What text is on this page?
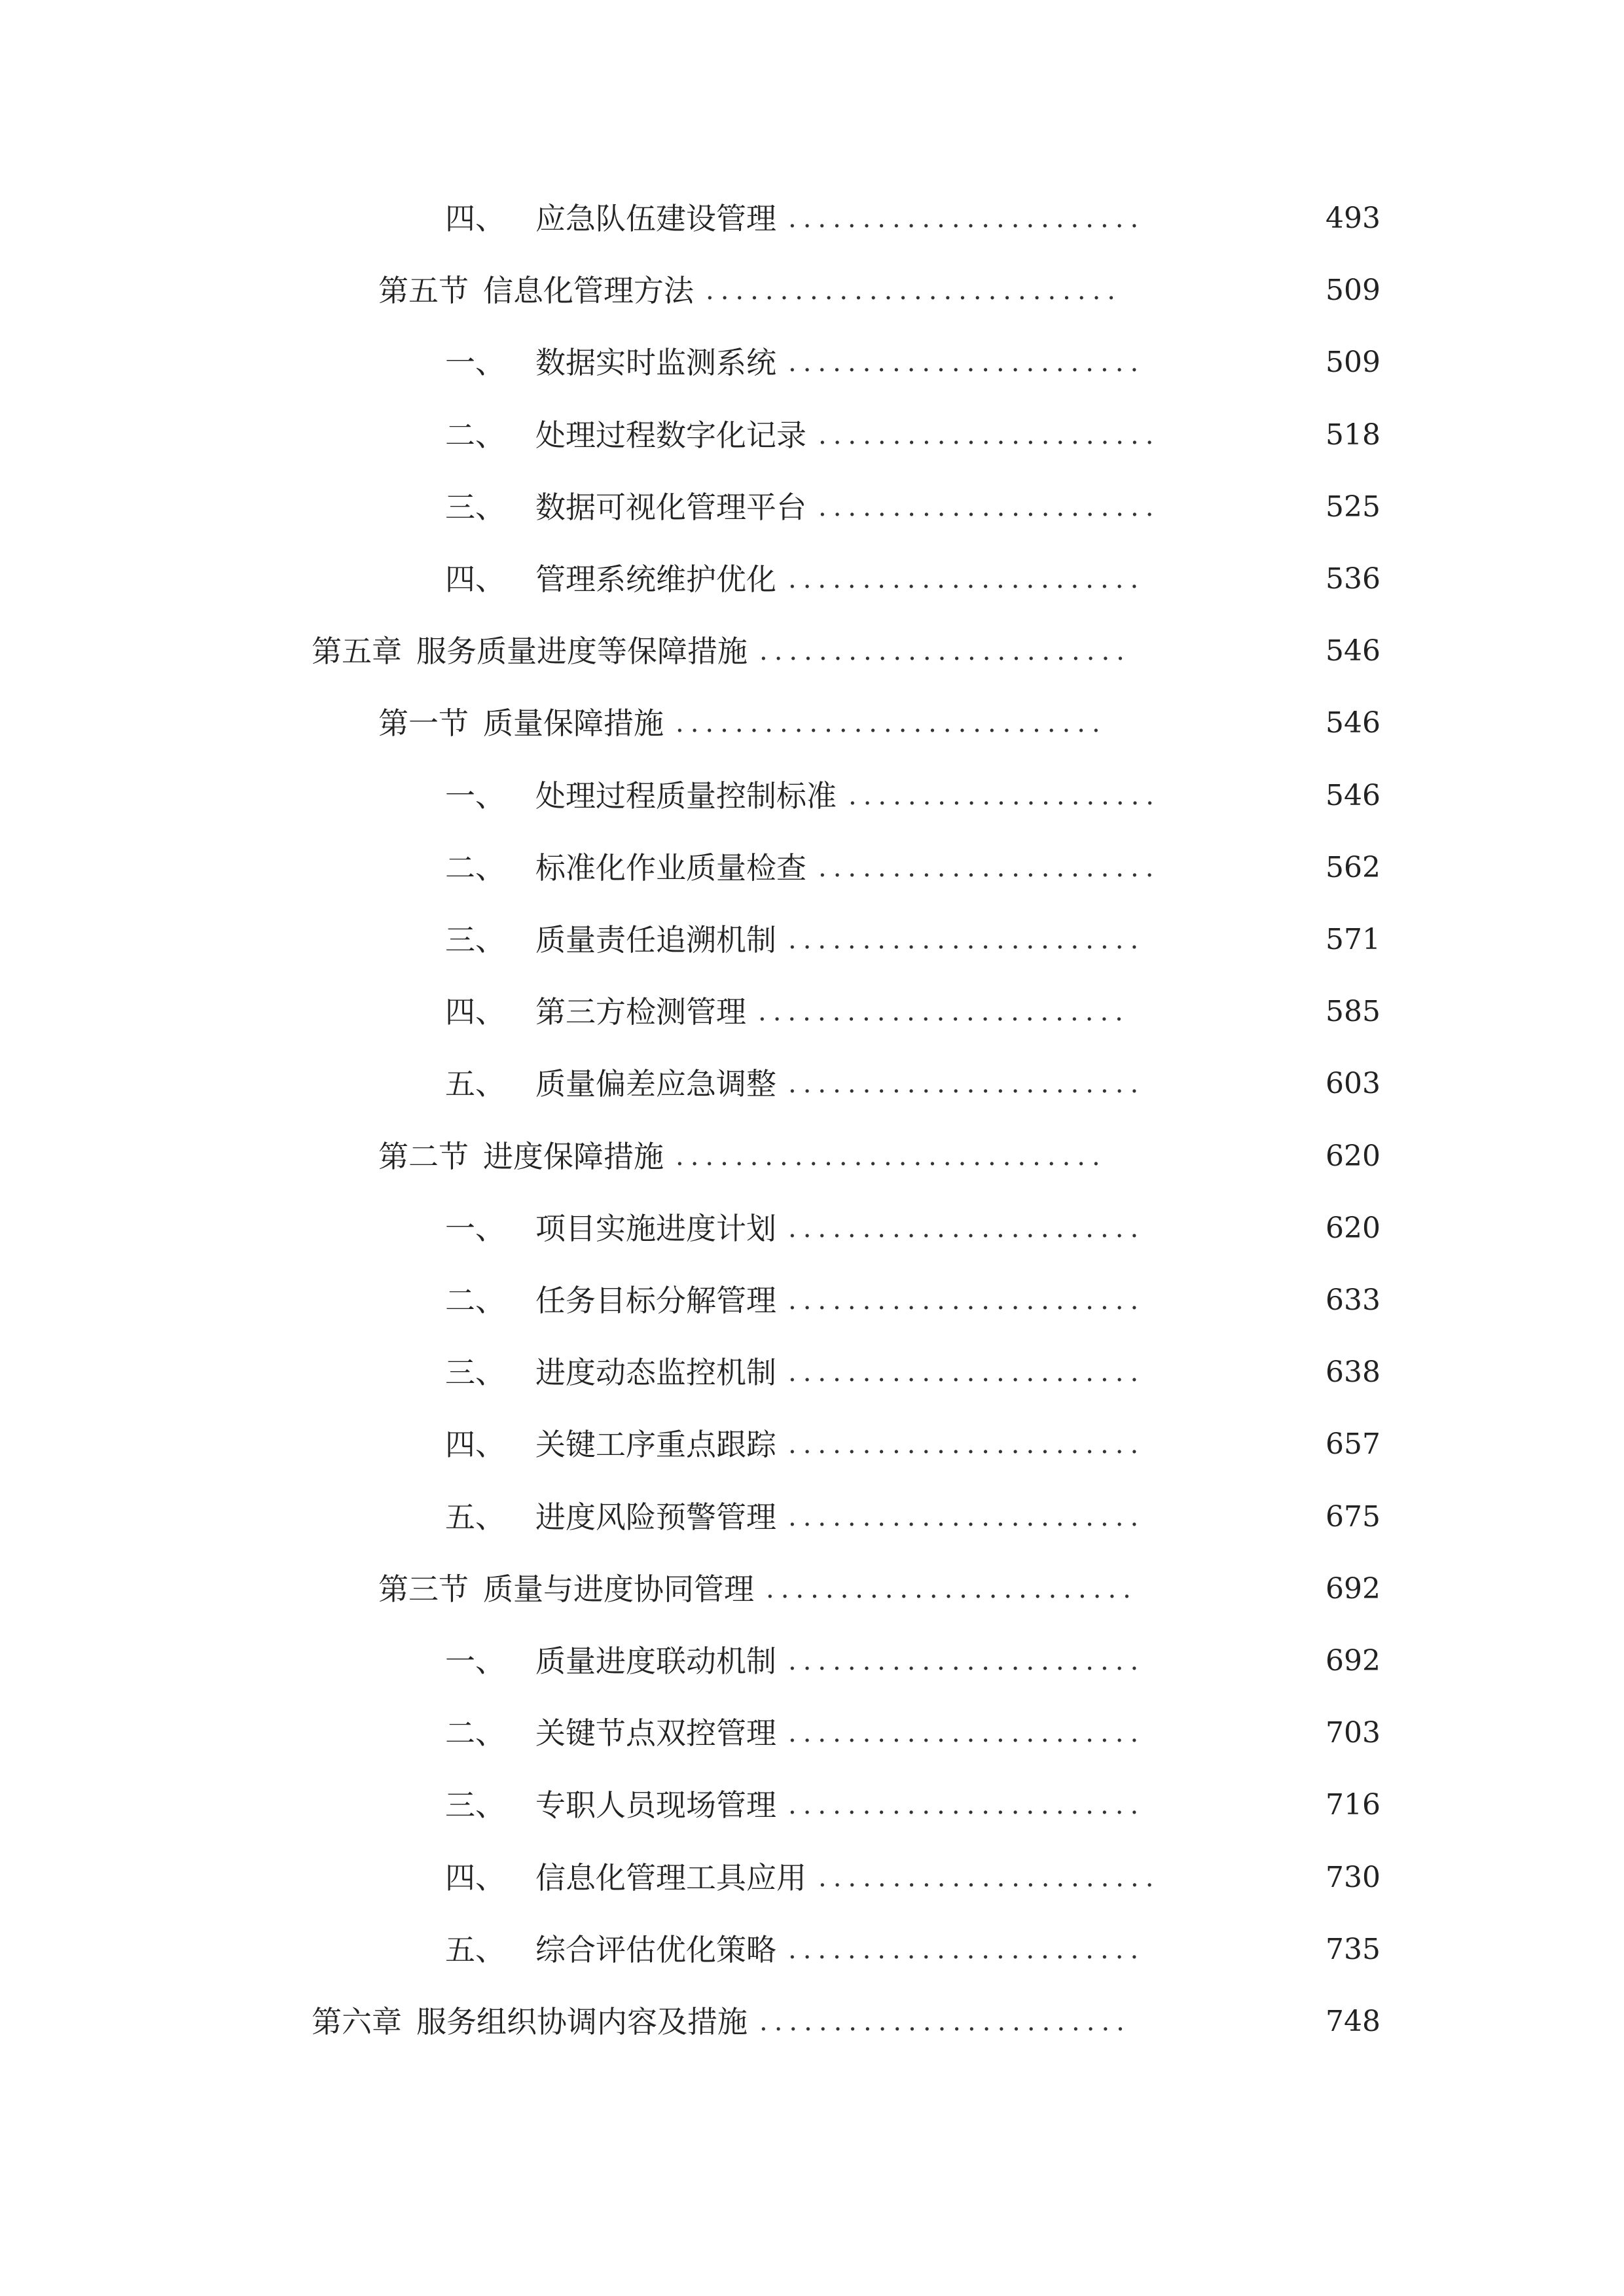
四、 应急队伍建设管理 ........................	493
第五节 信息化管理方法 ............................	509
一、 数据实时监测系统 ........................	509
二、 处理过程数字化记录 .......................	518
三、 数据可视化管理平台 .......................	525
四、 管理系统维护优化 ........................	536
第五章 服务质量进度等保障措施 .........................	546
第一节 质量保障措施 .............................	546
一、 处理过程质量控制标准 .....................	546
二、 标准化作业质量检查 .......................	562
三、 质量责任追溯机制 ........................	571
四、 第三方检测管理 .........................	585
五、 质量偏差应急调整 ........................	603
第二节 进度保障措施 .............................	620
一、 项目实施进度计划 ........................	620
二、 任务目标分解管理 ........................	633
三、 进度动态监控机制 ........................	638
四、 关键工序重点跟踪 ........................	657
五、 进度风险预警管理 ........................	675
第三节 质量与进度协同管理 .........................	692
一、 质量进度联动机制 ........................	692
二、 关键节点双控管理 ........................	703
三、 专职人员现场管理 ........................	716
四、 信息化管理工具应用 .......................	730
五、 综合评估优化策略 ........................	735
第六章 服务组织协调内容及措施 .........................	748
